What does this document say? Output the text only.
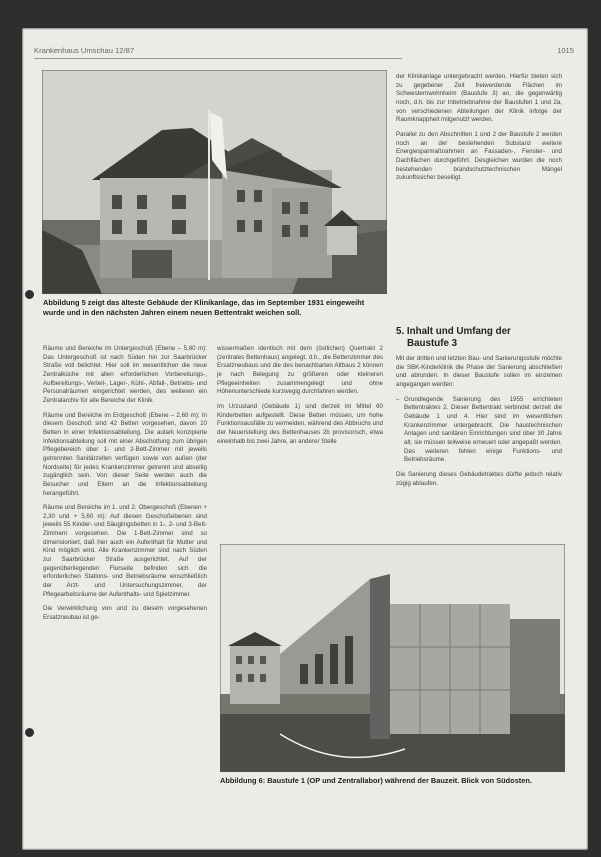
Krankenhaus Umschau 12/87	1015
Abbildung 5 zeigt das älteste Gebäude der Klinikanlage, das im September 1931 eingeweiht wurde und in den nächsten Jahren einem neuen Bettentrakt weichen soll.

Räume und Bereiche im Untergeschoß (Ebene – 5,80 m): Das Untergeschoß ist nach Süden hin zur Saarbrücker Straße voll belichtet. Hier soll im wesentlichen die neue Zentralküche mit allen erforderlichen Vorbereitungs-, Aufbereitungs-, Verteil-, Lager-, Kühl-, Abfall-, Betriebs- und Personalräumen eingerichtet werden, des weiteren ein Zentralarchiv für alle Bereiche der Klinik.

Räume und Bereiche im Erdgeschoß (Ebene – 2,60 m): In diesem Geschoß sind 42 Betten vorgesehen, davon 10 Betten in einer Infektionsabteilung. Die autark konzipierte Infektionsabteilung soll mit einer Abschottung zum übrigen Pflegebereich über 1- und 2-Bett-Zimmer mit jeweils getrennten Sanitärzellen verfügen sowie von außen (der Nordseite) für jedes Krankenzimmer getrennt und abseitig zugänglich sein. Von dieser Seite werden auch die Besucher und Eltern an die Infektionsabteilung herangeführt.

Räume und Bereiche im 1. und 2. Obergeschoß (Ebenen + 2,30 und + 5,60 m): Auf diesen Geschoßebenen sind jeweils 55 Kinder- und Säuglingsbetten in 1-, 2- und 3-Bett-Zimmern vorgesehen. Die 1-Bett-Zimmer sind so dimensioniert, daß hier auch ein Aufenthalt für Mutter und Kind möglich wird. Alle Krankenzimmer sind nach Süden zur Saarbrücker Straße ausgerichtet. Auf der gegenüberliegenden Flurseite befinden sich die erforderlichen Stations- und Betriebsräume einschließlich der Arzt- und Untersuchungszimmer, der Pflegearbeitsräume der Aufenthalts- und Spielzimmer.

Die Verwirklichung von und zu diesem vorgesehenen Ersatzneubau ist ge-

wissermaßen identisch mit dem (östlichen) Quertrakt 2 (zentrales Bettenhaus) angelegt, d.h., die Bettenzimmer des Ersatzneubaus und die des benachbarten Altbaus 2 können je nach Belegung zu größeren oder kleineren Pflegeeinheiten zusammengelegt und ohne Höhenunterschiede kurzwegig durchfahren werden.

Im Urzustand (Gebäude 1) sind derzeit im Mittel 60 Kinderbetten aufgestellt. Diese Betten müssen, um hohe Funktionsausfälle zu vermeiden, während des Abbruchs und der Neuerstellung des Bettenhauses 2b provisorisch, etwa eineinhalb bis zwei Jahre, an anderer Stelle

der Klinikanlage untergebracht werden. Hierfür bieten sich zu gegebener Zeit freiwerdende Flächen im Schwesternwohnheim (Baustufe 3) an, die gegenwärtig noch, d.h. bis zur Inbetriebnahme der Baustufen 1 und 2a, von verschiedenen Abteilungen der Klinik infolge der Raumknappheit mitgenutzt werden.

Parallel zu den Abschnitten 1 und 2 der Baustufe 2 werden noch an der bestehenden Substanz weitere Energiesparmaßnahmen an Fassaden-, Fenster- und Dachflächen durchgeführt. Desgleichen wurden die noch bestehenden brandschutztechnischen Mängel zukunftssicher beseitigt.

5. Inhalt und Umfang der
Baustufe 3

Mit der dritten und letzten Bau- und Sanierungsstufe möchte die SBK-Kinderklinik die Phase der Sanierung abschließen und abrunden. In dieser Baustufe sollen im einzelnen angegangen werden:

– Grundlegende Sanierung des 1955 errichteten Bettentraktes 2. Dieser Bettentrakt verbindet derzeit die Gebäude 1 und 4. Hier sind im wesentlichen Krankenzimmer untergebracht. Die haustechnischen Anlagen und sanitären Einrichtungen sind über 30 Jahre alt, sie müssen teilweise erneuert oder angepaßt werden. Des weiteren fehlen einige Funktions- und Betriebsräume.

Die Sanierung dieses Gebäudetraktes dürfte jedoch relativ zügig ablaufen.

Abbildung 6: Baustufe 1 (OP und Zentrallabor) während der Bauzeit. Blick von Südosten.
